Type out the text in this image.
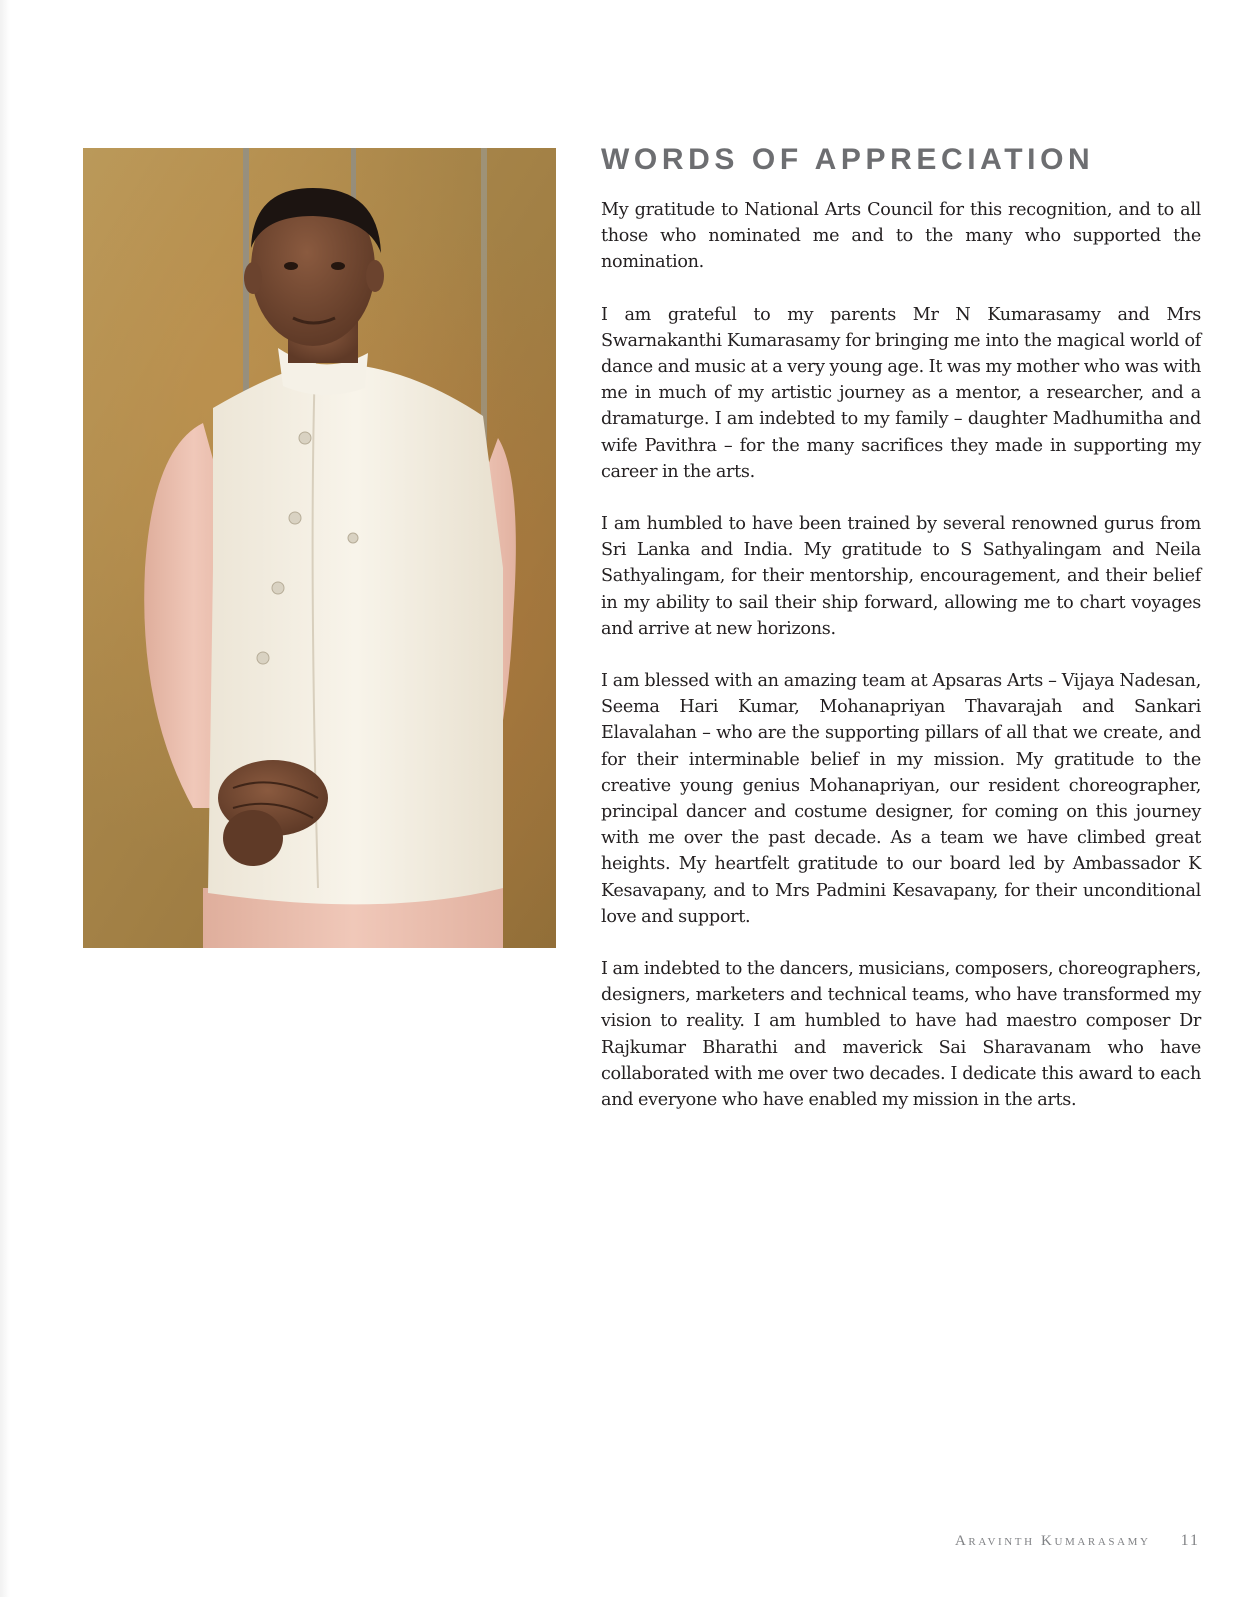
WORDS OF APPRECIATION

My gratitude to National Arts Council for this recognition, and to all those who nominated me and to the many who supported the nomination.

I am grateful to my parents Mr N Kumarasamy and Mrs Swarnakanthi Kumarasamy for bringing me into the magical world of dance and music at a very young age. It was my mother who was with me in much of my artistic journey as a mentor, a researcher, and a dramaturge. I am indebted to my family – daughter Madhumitha and wife Pavithra – for the many sacrifices they made in supporting my career in the arts.

I am humbled to have been trained by several renowned gurus from Sri Lanka and India. My gratitude to S Sathyalingam and Neila Sathyalingam, for their mentorship, encouragement, and their belief in my ability to sail their ship forward, allowing me to chart voyages and arrive at new horizons.

I am blessed with an amazing team at Apsaras Arts – Vijaya Nadesan, Seema Hari Kumar, Mohanapriyan Thavarajah and Sankari Elavalahan – who are the supporting pillars of all that we create, and for their interminable belief in my mission. My gratitude to the creative young genius Mohanapriyan, our resident choreographer, principal dancer and costume designer, for coming on this journey with me over the past decade. As a team we have climbed great heights. My heartfelt gratitude to our board led by Ambassador K Kesavapany, and to Mrs Padmini Kesavapany, for their unconditional love and support.

I am indebted to the dancers, musicians, composers, choreographers, designers, marketers and technical teams, who have transformed my vision to reality. I am humbled to have had maestro composer Dr Rajkumar Bharathi and maverick Sai Sharavanam who have collaborated with me over two decades. I dedicate this award to each and everyone who have enabled my mission in the arts.

Aravinth Kumarasamy 11
